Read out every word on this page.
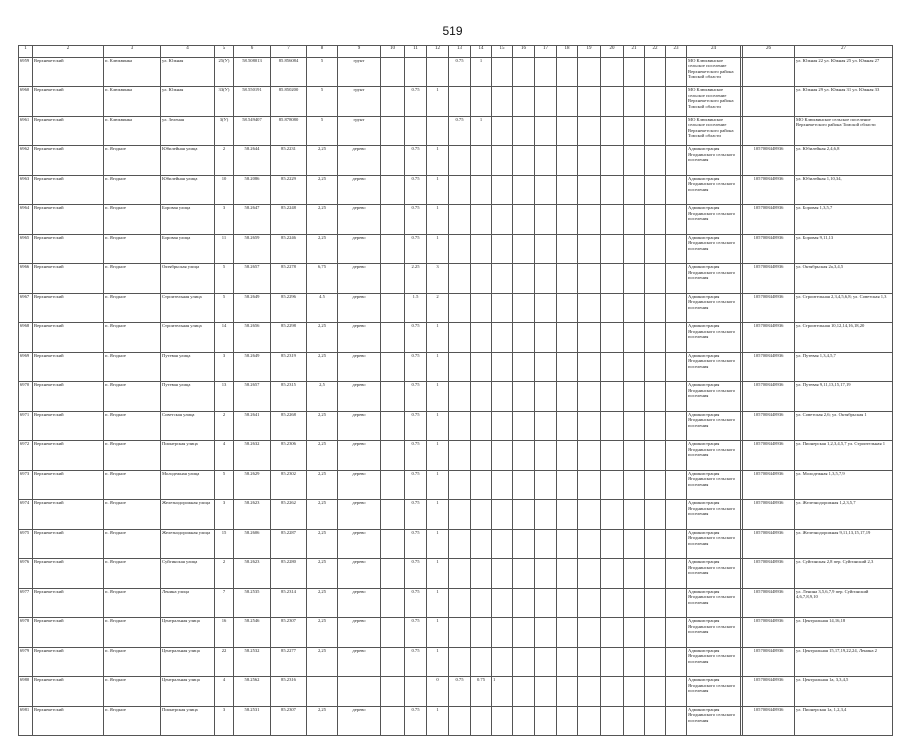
519
1	2	3	4	5	6	7	8	9	10	11	12	13	14	15	16	17	18	19	20	21	22	23	24		26	27
6959	Верхнекетский	п. Клюквинка	ул. Южная	25(У)	58.508013	85.856084	5	грунт				0.75	1										МО Клюквинское сельское поселение Верхнекетского района Томской области			ул. Южная 22 ул. Южная 25 ул. Южная 27
6960	Верхнекетский	п. Клюквинка	ул. Южная	33(У)	58.550191	85.850200	5	грунт		0.75	1												МО Клюквинское сельское поселение Верхнекетского района Томской области			ул. Южная 29 ул. Южная 31 ул. Южная 33
6961	Верхнекетский	п. Клюквинка	ул. Зеленая	3(У)	58.549407	85.878080	5	грунт				0.75	1										МО Клюквинское сельское поселение Верхнекетского района Томской области			МО Клюквинское сельское поселение Верхнекетского района Томской области
6962	Верхнекетский	п. Ягодное	Юбилейная улица	2	58.2644	85.2231	2,25	дерево		0.75	1												Администрация Ягоднинского сельского поселения		1057008448936	ул. Юбилейная 2,4,6,8
6963	Верхнекетский	п. Ягодное	Юбилейная улица	10	58.2086	85.2229	2,25	дерево		0.75	1												Администрация Ягоднинского сельского поселения		1057008448936	ул. Юбилейная 1,10,34,
6964	Верхнекетский	п. Ягодное	Боровая улица	3	58.2647	85.2248	2,25	дерево		0.75	1												Администрация Ягоднинского сельского поселения		1057008448936	ул. Боровая 1,3,5,7
6965	Верхнекетский	п. Ягодное	Боровая улица	11	58.2659	85.2246	2,25	дерево		0.75	1												Администрация Ягоднинского сельского поселения		1057008448936	ул. Боровая 9,11,13
6966	Верхнекетский	п. Ягодное	Октябрьская улица	5	58.2657	85.2278	6,75	дерево		2.25	3												Администрация Ягоднинского сельского поселения		1057008448936	ул. Октябрьская 2а,3,4,5
6967	Верхнекетский	п. Ягодное	Строительная улица	5	58.2649	85.2296	4.5	дерево		1.5	2												Администрация Ягоднинского сельского поселения		1057008448936	ул. Строительная 2,3,4,5,6,8; ул. Советская 1,3
6968	Верхнекетский	п. Ягодное	Строительная улица	14	58.2656	85.2298	2,25	дерево		0.75	1												Администрация Ягоднинского сельского поселения		1057008448936	ул. Строительная 10,12,14,16,18,20
6969	Верхнекетский	п. Ягодное	Путевая улица	3	58.2649	85.2319	2,25	дерево		0.75	1												Администрация Ягоднинского сельского поселения		1057008448936	ул. Путевая 1,3,4,5,7
6970	Верхнекетский	п. Ягодное	Путевая улица	13	58.2657	85.2315	2,5	дерево		0.75	1												Администрация Ягоднинского сельского поселения		1057008448936	ул. Путевая 9,11,13,15,17,19
6971	Верхнекетский	п. Ягодное	Советская улица	2	58.2641	85.2268	2,25	дерево		0.75	1												Администрация Ягоднинского сельского поселения		1057008448936	ул. Советская 2,6; ул. Октябрьская 1
6972	Верхнекетский	п. Ягодное	Пионерская улица	4	58.2632	85.2306	2,25	дерево		0.75	1												Администрация Ягоднинского сельского поселения		1057008448936	ул. Пионерская 1,2,3,4,5,7 ул. Строительная 1
6973	Верхнекетский	п. Ягодное	Молодежная улица	5	58.2629	85.2302	2,25	дерево		0.75	1												Администрация Ягоднинского сельского поселения		1057008448936	ул. Молодежная 1,3,5,7,9
6974	Верхнекетский	п. Ягодное	Железнодорожная улица	3	58.2623	85.2262	2,25	дерево		0.75	1												Администрация Ягоднинского сельского поселения		1057008448936	ул. Железнодорожная 1,2,3,5,7
6975	Верхнекетский	п. Ягодное	Железнодорожная улица	15	58.2606	85.2287	2,25	дерево		0.75	1												Администрация Ягоднинского сельского поселения		1057008448936	ул. Железнодорожная 9,11,13,15,17,19
6976	Верхнекетский	п. Ягодное	Суйгинская улица	2	58.2623	85.2280	2,25	дерево		0.75	1												Администрация Ягоднинского сельского поселения		1057008448936	ул. Суйгинская 2,8 пер. Суйгинский 2,3
6977	Верхнекетский	п. Ягодное	Ленина улица	7	58.2535	85.2314	2,25	дерево		0.75	1												Администрация Ягоднинского сельского поселения		1057008448936	ул. Ленина 3,5,6,7,9 пер. Суйгинский 4,6,7,8,9,10
6978	Верхнекетский	п. Ягодное	Центральная улица	16	58.2546	85.2307	2,25	дерево		0.75	1												Администрация Ягоднинского сельского поселения		1057008448936	ул. Центральная 14,16,18
6979	Верхнекетский	п. Ягодное	Центральная улица	22	58.2532	85.2277	2,25	дерево		0.75	1												Администрация Ягоднинского сельского поселения		1057008448936	ул. Центральная 15,17,19,22,24, Ленина 2
6980	Верхнекетский	п. Ягодное	Центральная улица	4	58.2562	85.2316					0	0.75	0.75	1									Администрация Ягоднинского сельского поселения		1057008448936	ул. Центральная 1а, 3,3,4,5
6981	Верхнекетский	п. Ягодное	Пионерская улица	3	58.2531	85.2307	2,25	дерево		0.75	1												Администрация Ягоднинского сельского поселения		1057008448936	ул. Пионерская 1а, 1,2,3,4
